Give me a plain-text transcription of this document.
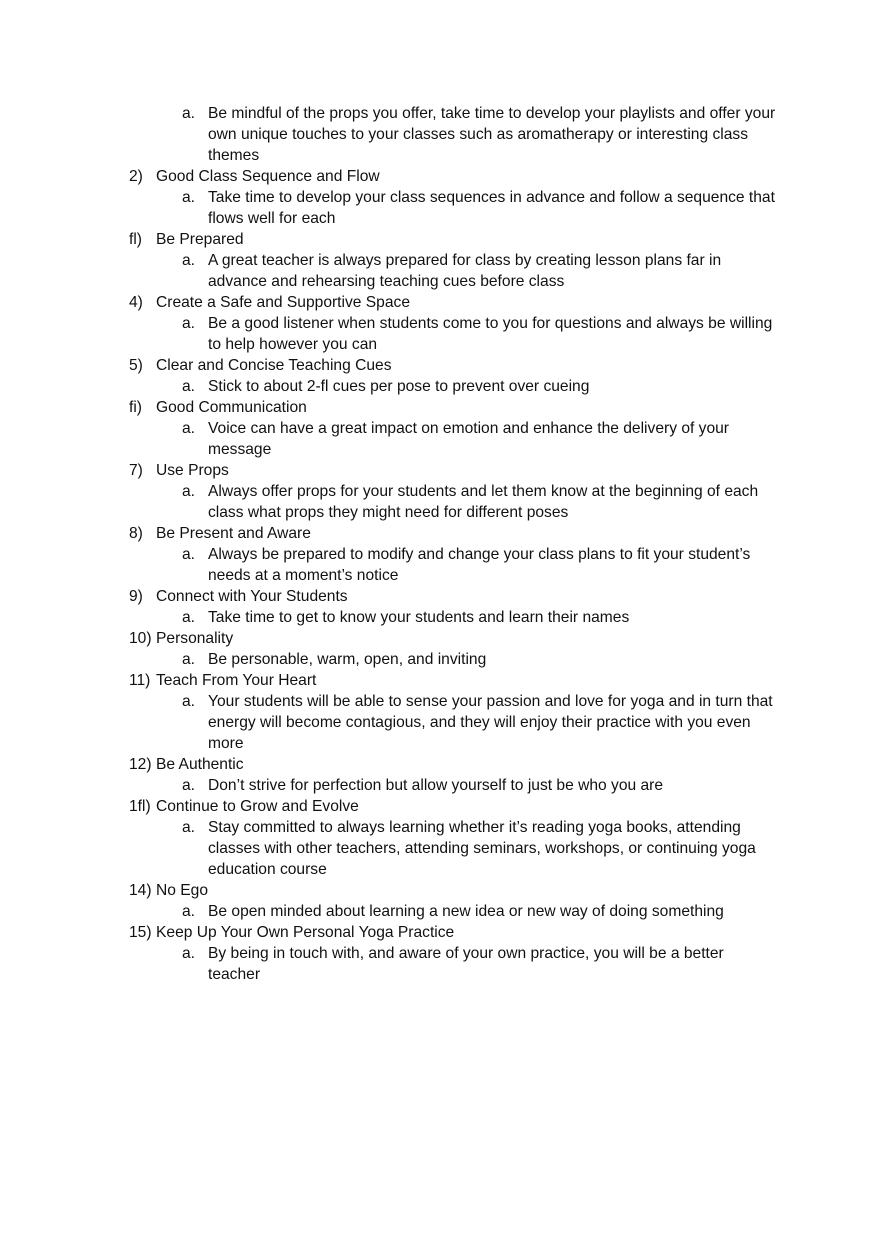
a. Be mindful of the props you offer, take time to develop your playlists and offer your own unique touches to your classes such as aromatherapy or interesting class themes
2) Good Class Sequence and Flow
a. Take time to develop your class sequences in advance and follow a sequence that flows well for each
ﬂ) Be Prepared
a. A great teacher is always prepared for class by creating lesson plans far in advance and rehearsing teaching cues before class
4) Create a Safe and Supportive Space
a. Be a good listener when students come to you for questions and always be willing to help however you can
5) Clear and Concise Teaching Cues
a. Stick to about 2-ﬂ cues per pose to prevent over cueing
ﬁ) Good Communication
a. Voice can have a great impact on emotion and enhance the delivery of your message
7) Use Props
a. Always offer props for your students and let them know at the beginning of each class what props they might need for different poses
8) Be Present and Aware
a. Always be prepared to modify and change your class plans to fit your student’s needs at a moment’s notice
9) Connect with Your Students
a. Take time to get to know your students and learn their names
10) Personality
a. Be personable, warm, open, and inviting
11) Teach From Your Heart
a. Your students will be able to sense your passion and love for yoga and in turn that energy will become contagious, and they will enjoy their practice with you even more
12) Be Authentic
a. Don’t strive for perfection but allow yourself to just be who you are
1ﬂ) Continue to Grow and Evolve
a. Stay committed to always learning whether it’s reading yoga books, attending classes with other teachers, attending seminars, workshops, or continuing yoga education course
14) No Ego
a. Be open minded about learning a new idea or new way of doing something
15) Keep Up Your Own Personal Yoga Practice
a. By being in touch with, and aware of your own practice, you will be a better teacher
